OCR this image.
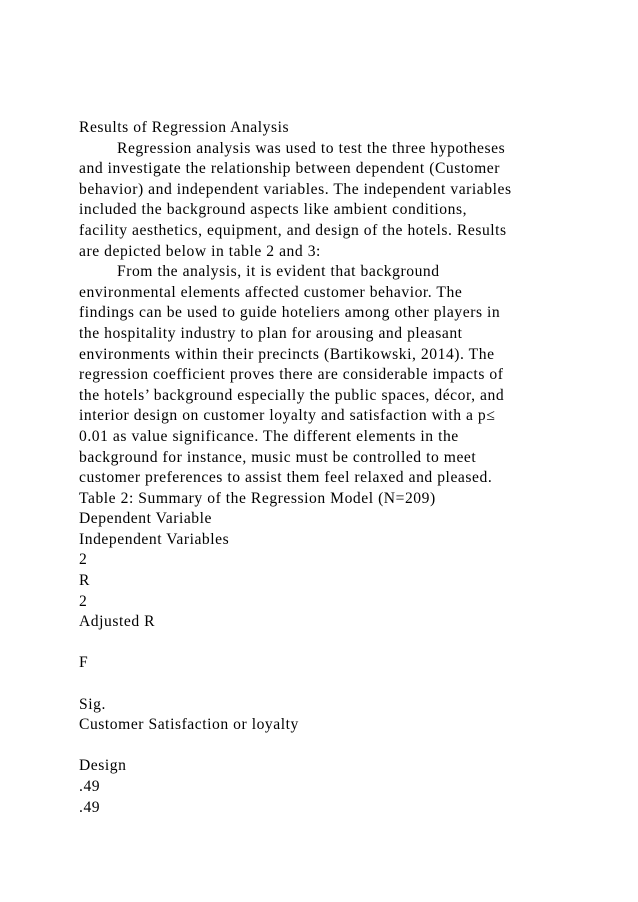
Results of Regression Analysis
Regression analysis was used to test the three hypotheses
and investigate the relationship between dependent (Customer
behavior) and independent variables. The independent variables
included the background aspects like ambient conditions,
facility aesthetics, equipment, and design of the hotels. Results
are depicted below in table 2 and 3:
From the analysis, it is evident that background
environmental elements affected customer behavior. The
findings can be used to guide hoteliers among other players in
the hospitality industry to plan for arousing and pleasant
environments within their precincts (Bartikowski, 2014). The
regression coefficient proves there are considerable impacts of
the hotels’ background especially the public spaces, décor, and
interior design on customer loyalty and satisfaction with a p≤
0.01 as value significance. The different elements in the
background for instance, music must be controlled to meet
customer preferences to assist them feel relaxed and pleased.
Table 2: Summary of the Regression Model (N=209)
Dependent Variable
Independent Variables
2
R
2
Adjusted R
F
Sig.
Customer Satisfaction or loyalty
Design
.49
.49
